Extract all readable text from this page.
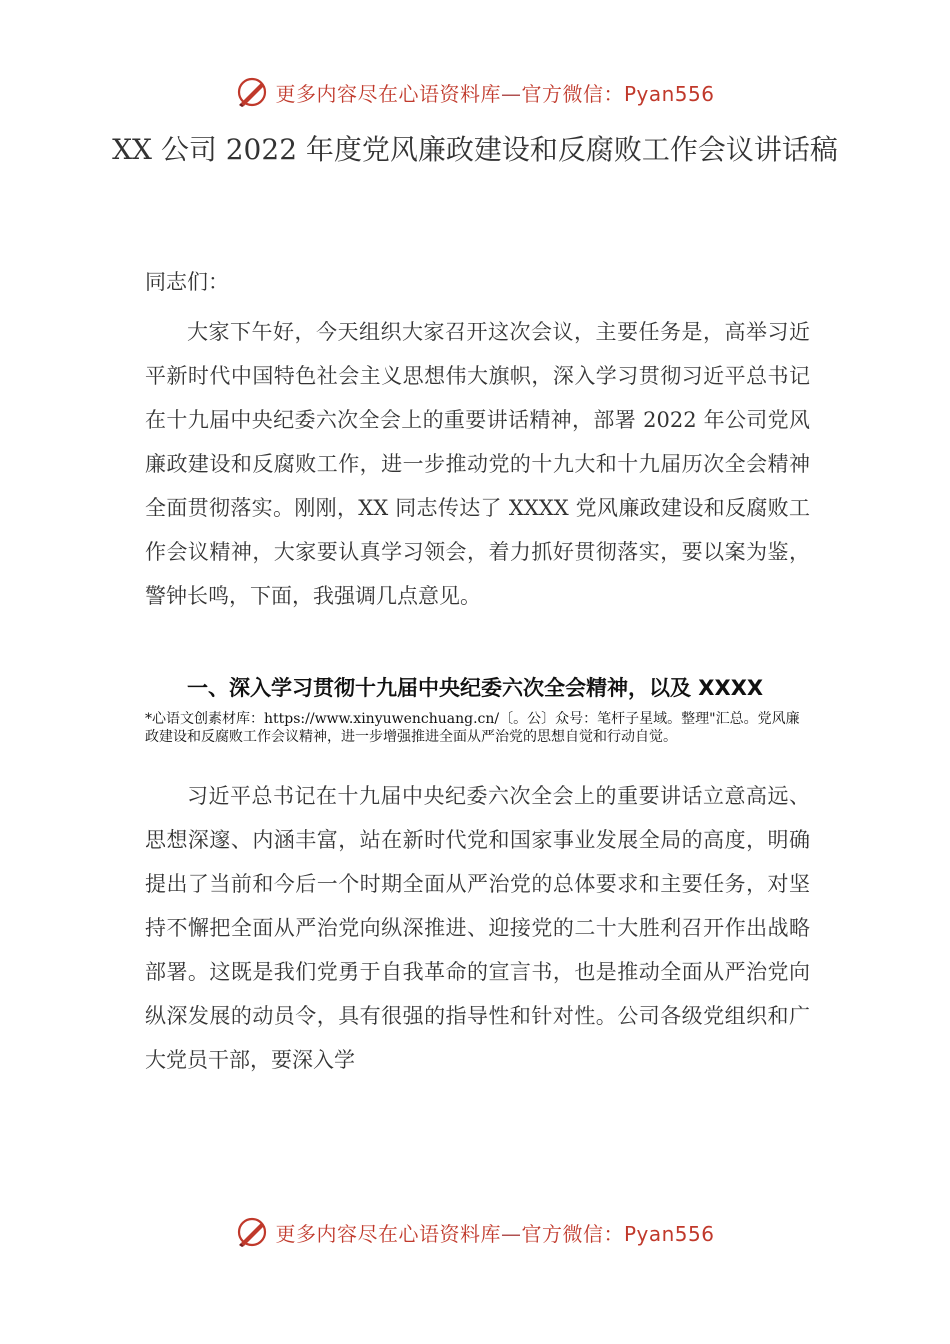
更多内容尽在心语资料库—官方微信：Pyan556
XX 公司 2022 年度党风廉政建设和反腐败工作会议讲话稿
同志们：

大家下午好，今天组织大家召开这次会议，主要任务是，高举习近平新时代中国特色社会主义思想伟大旗帜，深入学习贯彻习近平总书记在十九届中央纪委六次全会上的重要讲话精神，部署 2022 年公司党风廉政建设和反腐败工作，进一步推动党的十九大和十九届历次全会精神全面贯彻落实。刚刚，XX 同志传达了 XXXX 党风廉政建设和反腐败工作会议精神，大家要认真学习领会，着力抓好贯彻落实，要以案为鉴，警钟长鸣，下面，我强调几点意见。

一、深入学习贯彻十九届中央纪委六次全会精神，以及 XXXX
*心语文创素材库：https://www.xinyuwenchuang.cn/〔。公〕众号：笔杆子星域。整理"汇总。党风廉政建设和反腐败工作会议精神，进一步增强推进全面从严治党的思想自觉和行动自觉。

习近平总书记在十九届中央纪委六次全会上的重要讲话立意高远、思想深邃、内涵丰富，站在新时代党和国家事业发展全局的高度，明确提出了当前和今后一个时期全面从严治党的总体要求和主要任务，对坚持不懈把全面从严治党向纵深推进、迎接党的二十大胜利召开作出战略部署。这既是我们党勇于自我革命的宣言书，也是推动全面从严治党向纵深发展的动员令，具有很强的指导性和针对性。公司各级党组织和广大党员干部，要深入学

更多内容尽在心语资料库—官方微信：Pyan556
